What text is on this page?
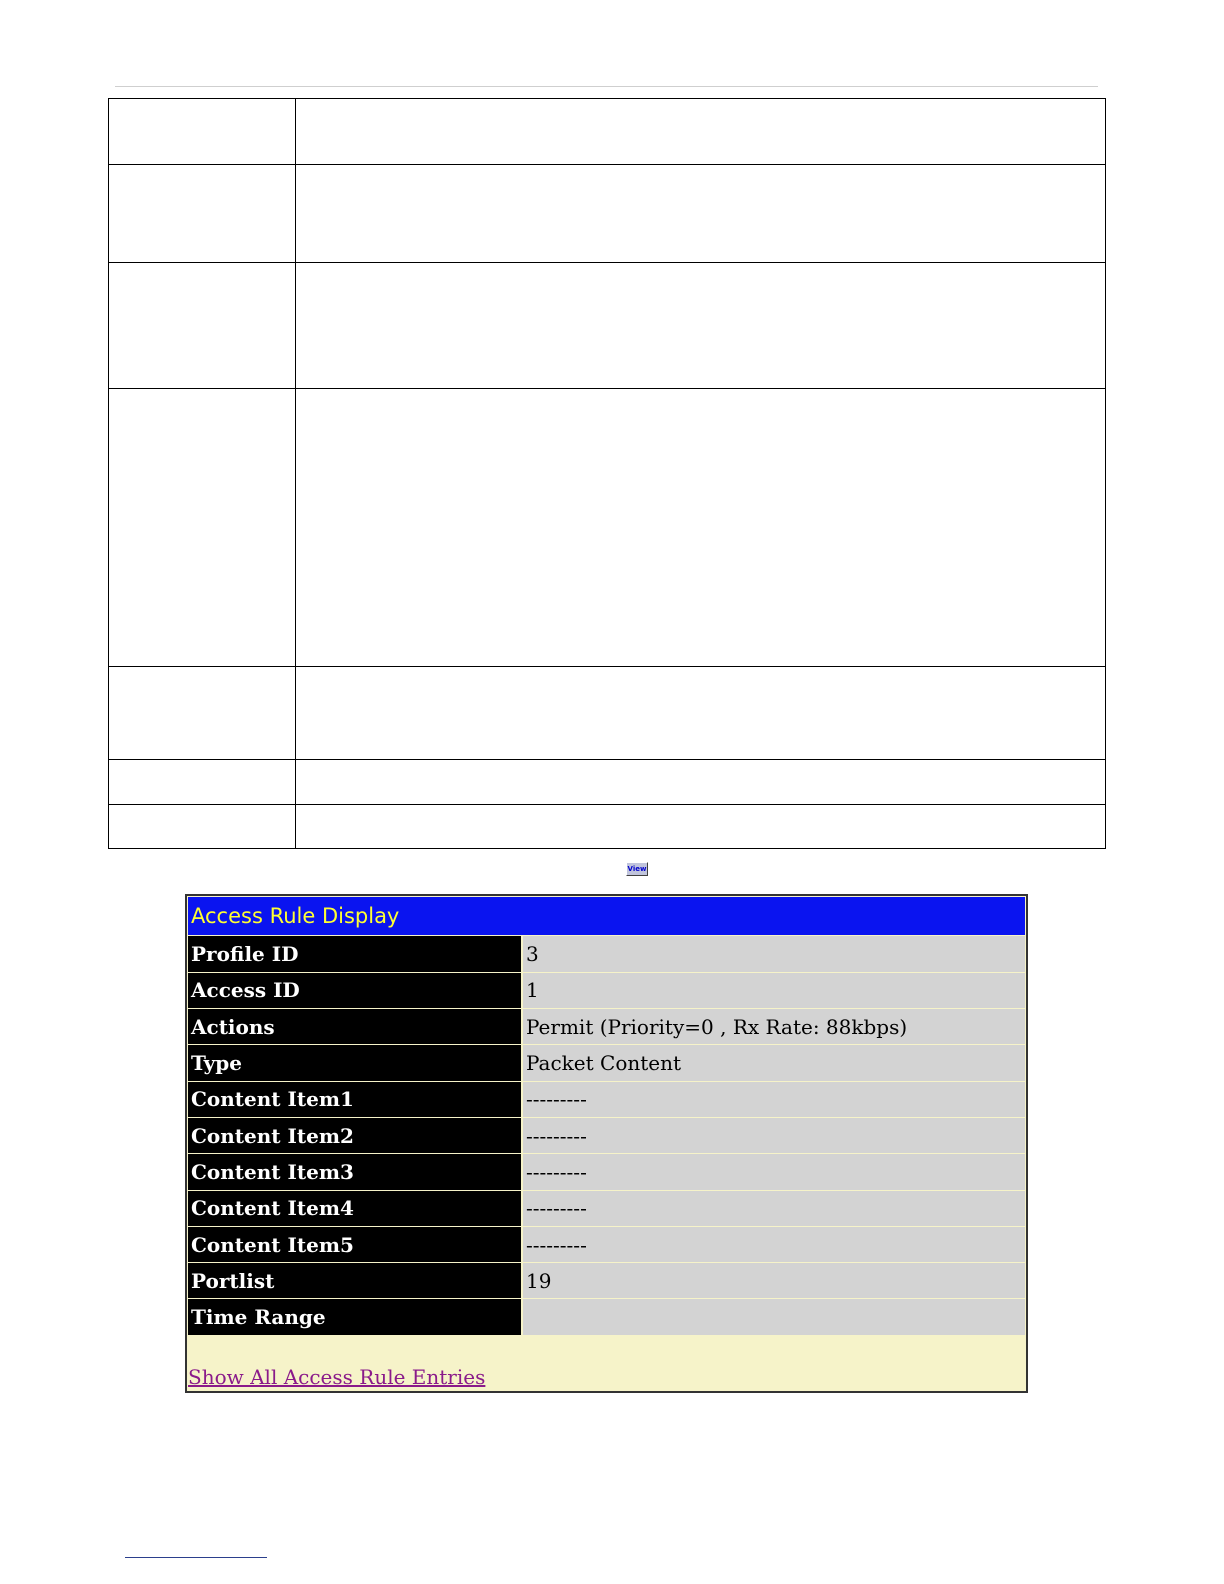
View
Access Rule Display
Profile ID	3
Access ID	1
Actions	Permit (Priority=0 , Rx Rate: 88kbps)
Type	Packet Content
Content Item1	---------
Content Item2	---------
Content Item3	---------
Content Item4	---------
Content Item5	---------
Portlist	19
Time Range	
Show All Access Rule Entries
